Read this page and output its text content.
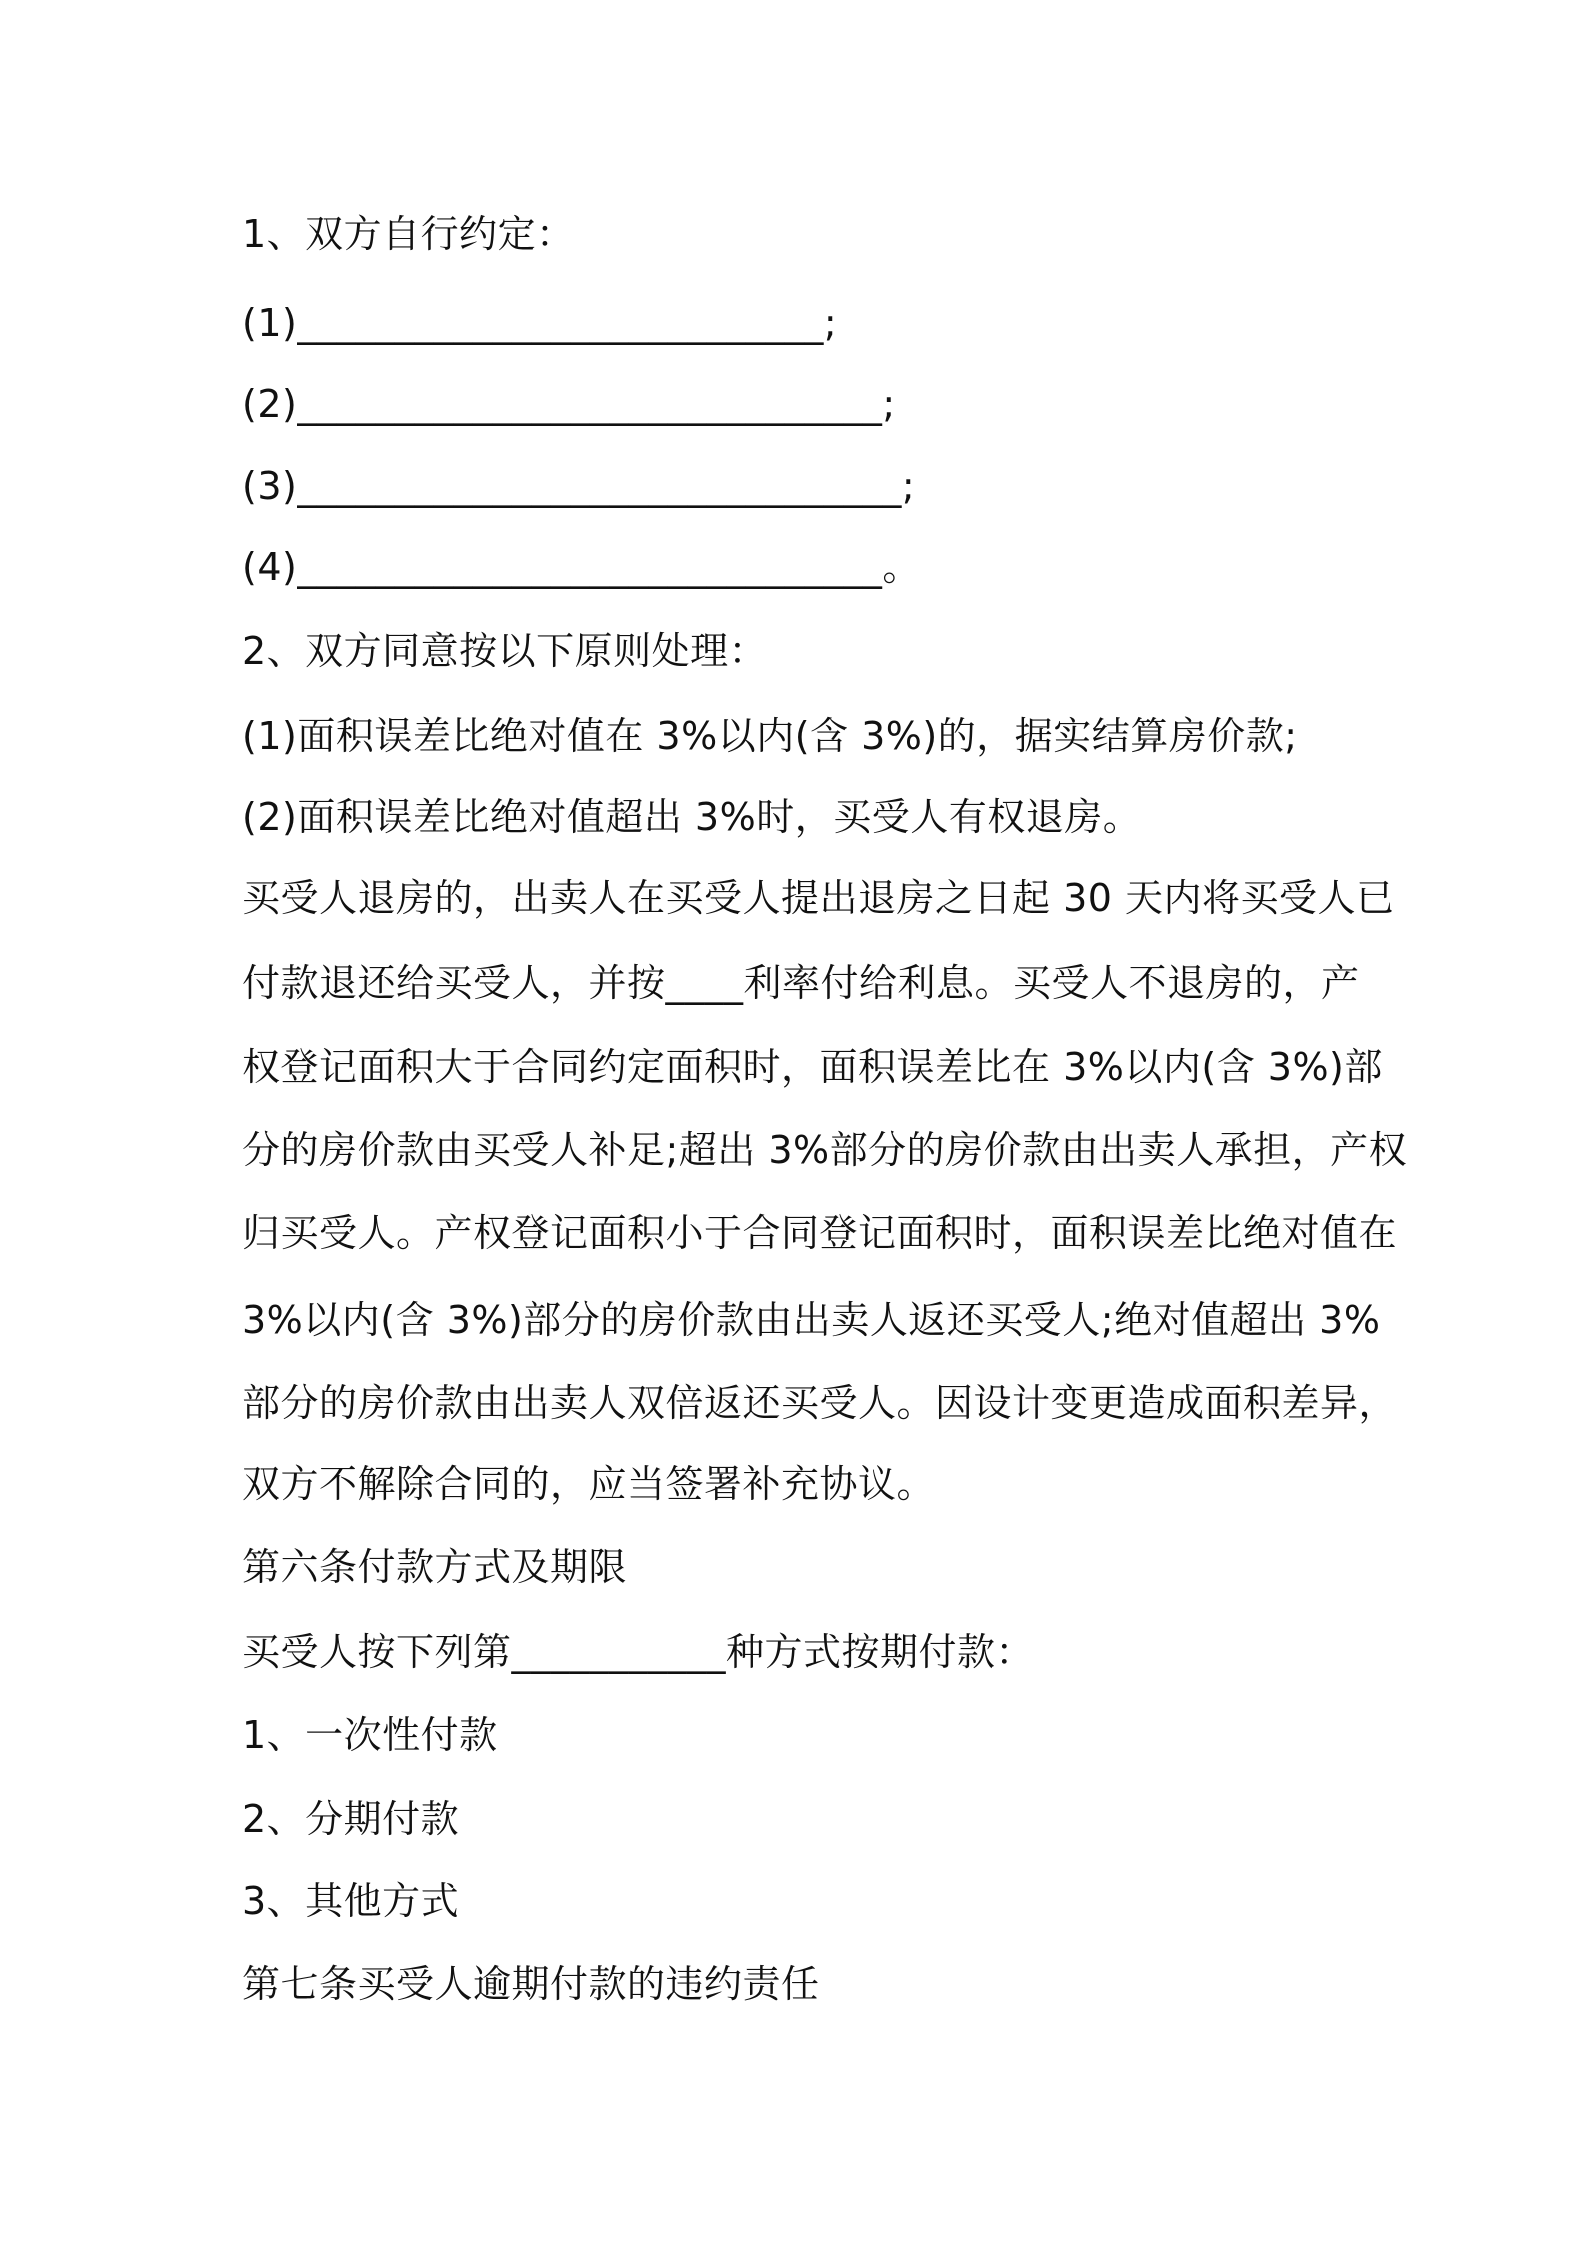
1、双方自行约定：
(1)___________________________;
(2)______________________________;
(3)_______________________________;
(4)______________________________。
2、双方同意按以下原则处理：
(1)面积误差比绝对值在 3%以内(含 3%)的，据实结算房价款;
(2)面积误差比绝对值超出 3%时，买受人有权退房。
买受人退房的，出卖人在买受人提出退房之日起 30 天内将买受人已
付款退还给买受人，并按____利率付给利息。买受人不退房的，产
权登记面积大于合同约定面积时，面积误差比在 3%以内(含 3%)部
分的房价款由买受人补足;超出 3%部分的房价款由出卖人承担，产权
归买受人。产权登记面积小于合同登记面积时，面积误差比绝对值在
3%以内(含 3%)部分的房价款由出卖人返还买受人;绝对值超出 3%
部分的房价款由出卖人双倍返还买受人。因设计变更造成面积差异，
双方不解除合同的，应当签署补充协议。
第六条付款方式及期限
买受人按下列第___________种方式按期付款：
1、一次性付款
2、分期付款
3、其他方式
第七条买受人逾期付款的违约责任
